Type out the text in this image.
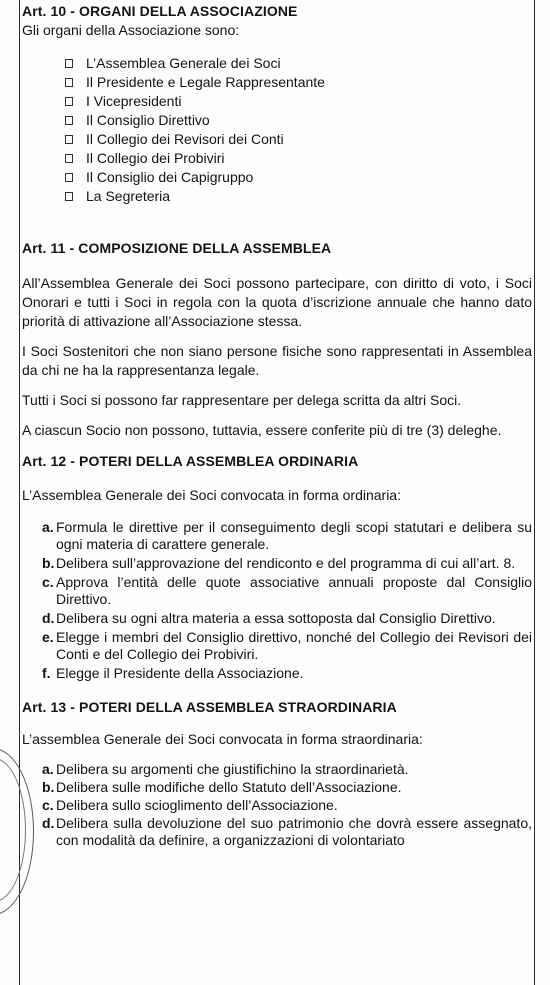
Art. 10 - ORGANI DELLA ASSOCIAZIONE

Gli organi della Associazione sono:

L’Assemblea Generale dei Soci
Il Presidente e Legale Rappresentante
I Vicepresidenti
Il Consiglio Direttivo
Il Collegio dei Revisori dei Conti
Il Collegio dei Probiviri
Il Consiglio dei Capigruppo
La Segreteria
Art. 11 - COMPOSIZIONE DELLA ASSEMBLEA

All’Assemblea Generale dei Soci possono partecipare, con diritto di voto, i Soci Onorari e tutti i Soci in regola con la quota d’iscrizione annuale che hanno dato priorità di attivazione all’Associazione stessa.

I Soci Sostenitori che non siano persone fisiche sono rappresentati in Assemblea da chi ne ha la rappresentanza legale.

Tutti i Soci si possono far rappresentare per delega scritta da altri Soci.

A ciascun Socio non possono, tuttavia, essere conferite più di tre (3) deleghe.

Art. 12 - POTERI DELLA ASSEMBLEA ORDINARIA

L’Assemblea Generale dei Soci convocata in forma ordinaria:

a. Formula le direttive per il conseguimento degli scopi statutari e delibera su ogni materia di carattere generale.
b. Delibera sull’approvazione del rendiconto e del programma di cui all’art. 8.
c. Approva l’entità delle quote associative annuali proposte dal Consiglio Direttivo.
d. Delibera su ogni altra materia a essa sottoposta dal Consiglio Direttivo.
e. Elegge i membri del Consiglio direttivo, nonché del Collegio dei Revisori dei Conti e del Collegio dei Probiviri.
f. Elegge il Presidente della Associazione.
Art. 13 - POTERI DELLA ASSEMBLEA STRAORDINARIA

L’assemblea Generale dei Soci convocata in forma straordinaria:

a. Delibera su argomenti che giustifichino la straordinarietà.
b. Delibera sulle modifiche dello Statuto dell’Associazione.
c. Delibera sullo scioglimento dell’Associazione.
d. Delibera sulla devoluzione del suo patrimonio che dovrà essere assegnato, con modalità da definire, a organizzazioni di volontariato
